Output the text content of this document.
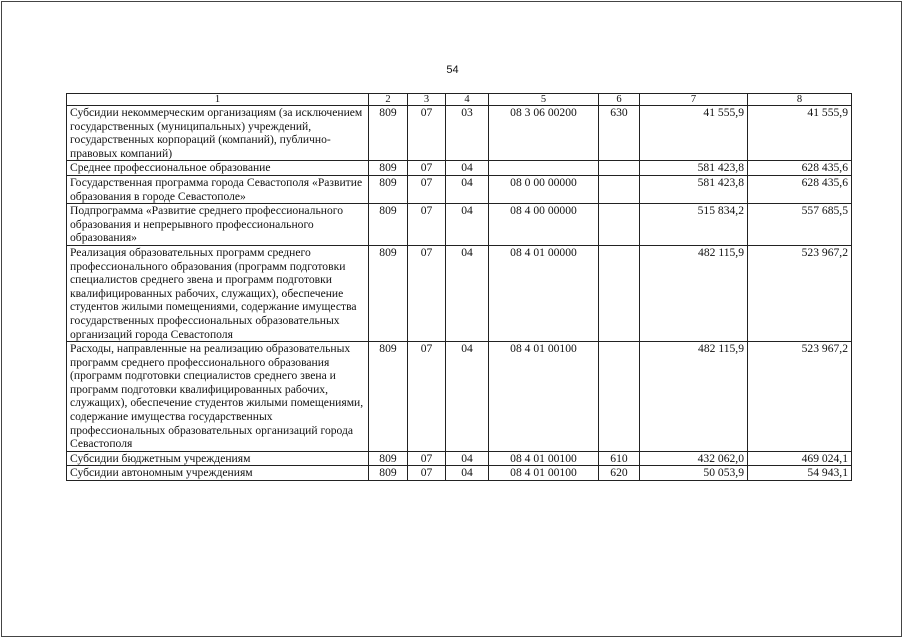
54
1	2	3	4	5	6	7	8
Субсидии некоммерческим организациям (за исключением государственных (муниципальных) учреждений, государственных корпораций (компаний), публично-правовых компаний)	809	07	03	08 3 06 00200	630	41 555,9	41 555,9
Среднее профессиональное образование	809	07	04			581 423,8	628 435,6
Государственная программа города Севастополя «Развитие образования в городе Севастополе»	809	07	04	08 0 00 00000		581 423,8	628 435,6
Подпрограмма «Развитие среднего профессионального образования и непрерывного профессионального образования»	809	07	04	08 4 00 00000		515 834,2	557 685,5
Реализация образовательных программ среднего профессионального образования (программ подготовки специалистов среднего звена и программ подготовки квалифицированных рабочих, служащих), обеспечение студентов жилыми помещениями, содержание имущества государственных профессиональных образовательных организаций города Севастополя	809	07	04	08 4 01 00000		482 115,9	523 967,2
Расходы, направленные на реализацию образовательных программ среднего профессионального образования (программ подготовки специалистов среднего звена и программ подготовки квалифицированных рабочих, служащих), обеспечение студентов жилыми помещениями, содержание имущества государственных профессиональных образовательных организаций города Севастополя	809	07	04	08 4 01 00100		482 115,9	523 967,2
Субсидии бюджетным учреждениям	809	07	04	08 4 01 00100	610	432 062,0	469 024,1
Субсидии автономным учреждениям	809	07	04	08 4 01 00100	620	50 053,9	54 943,1
